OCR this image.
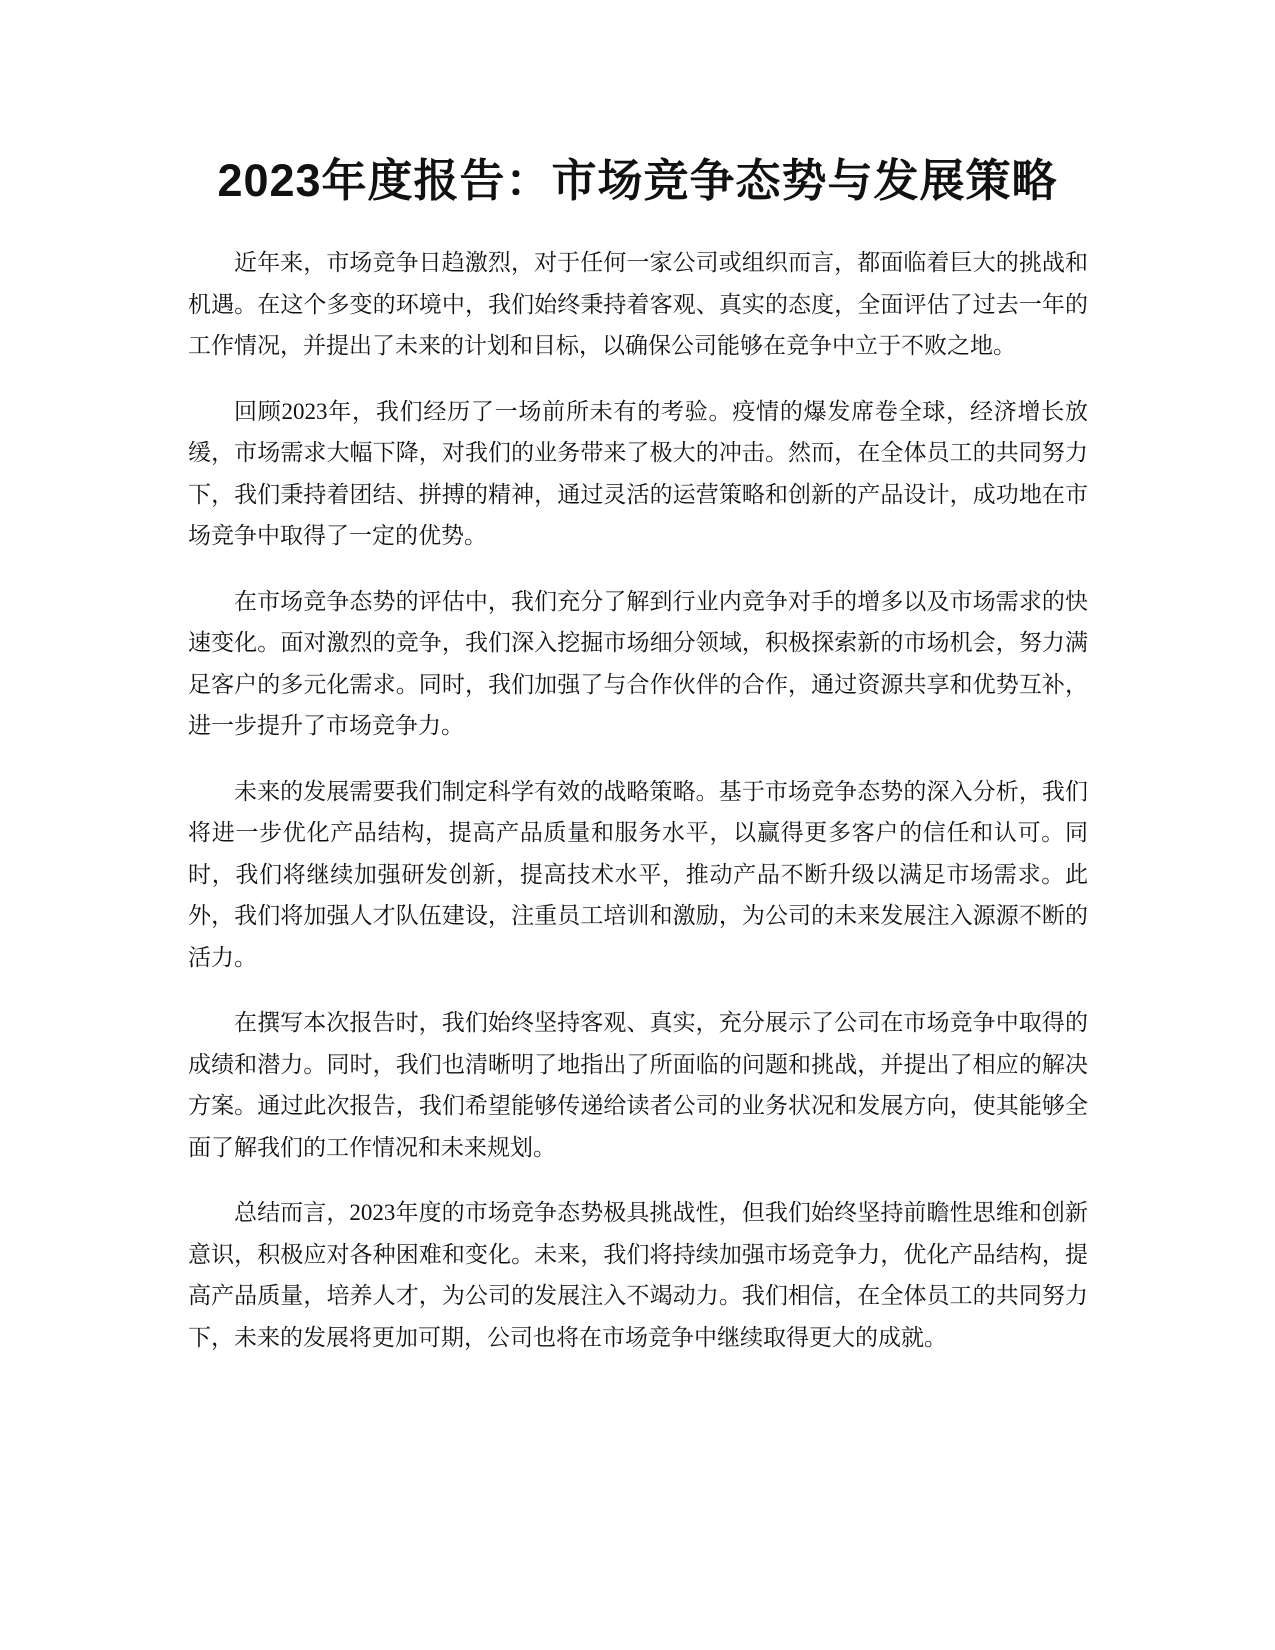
2023年度报告：市场竞争态势与发展策略

近年来，市场竞争日趋激烈，对于任何一家公司或组织而言，都面临着巨大的挑战和机遇。在这个多变的环境中，我们始终秉持着客观、真实的态度，全面评估了过去一年的工作情况，并提出了未来的计划和目标，以确保公司能够在竞争中立于不败之地。

回顾2023年，我们经历了一场前所未有的考验。疫情的爆发席卷全球，经济增长放缓，市场需求大幅下降，对我们的业务带来了极大的冲击。然而，在全体员工的共同努力下，我们秉持着团结、拼搏的精神，通过灵活的运营策略和创新的产品设计，成功地在市场竞争中取得了一定的优势。

在市场竞争态势的评估中，我们充分了解到行业内竞争对手的增多以及市场需求的快速变化。面对激烈的竞争，我们深入挖掘市场细分领域，积极探索新的市场机会，努力满足客户的多元化需求。同时，我们加强了与合作伙伴的合作，通过资源共享和优势互补，进一步提升了市场竞争力。

未来的发展需要我们制定科学有效的战略策略。基于市场竞争态势的深入分析，我们将进一步优化产品结构，提高产品质量和服务水平，以赢得更多客户的信任和认可。同时，我们将继续加强研发创新，提高技术水平，推动产品不断升级以满足市场需求。此外，我们将加强人才队伍建设，注重员工培训和激励，为公司的未来发展注入源源不断的活力。

在撰写本次报告时，我们始终坚持客观、真实，充分展示了公司在市场竞争中取得的成绩和潜力。同时，我们也清晰明了地指出了所面临的问题和挑战，并提出了相应的解决方案。通过此次报告，我们希望能够传递给读者公司的业务状况和发展方向，使其能够全面了解我们的工作情况和未来规划。

总结而言，2023年度的市场竞争态势极具挑战性，但我们始终坚持前瞻性思维和创新意识，积极应对各种困难和变化。未来，我们将持续加强市场竞争力，优化产品结构，提高产品质量，培养人才，为公司的发展注入不竭动力。我们相信，在全体员工的共同努力下，未来的发展将更加可期，公司也将在市场竞争中继续取得更大的成就。
